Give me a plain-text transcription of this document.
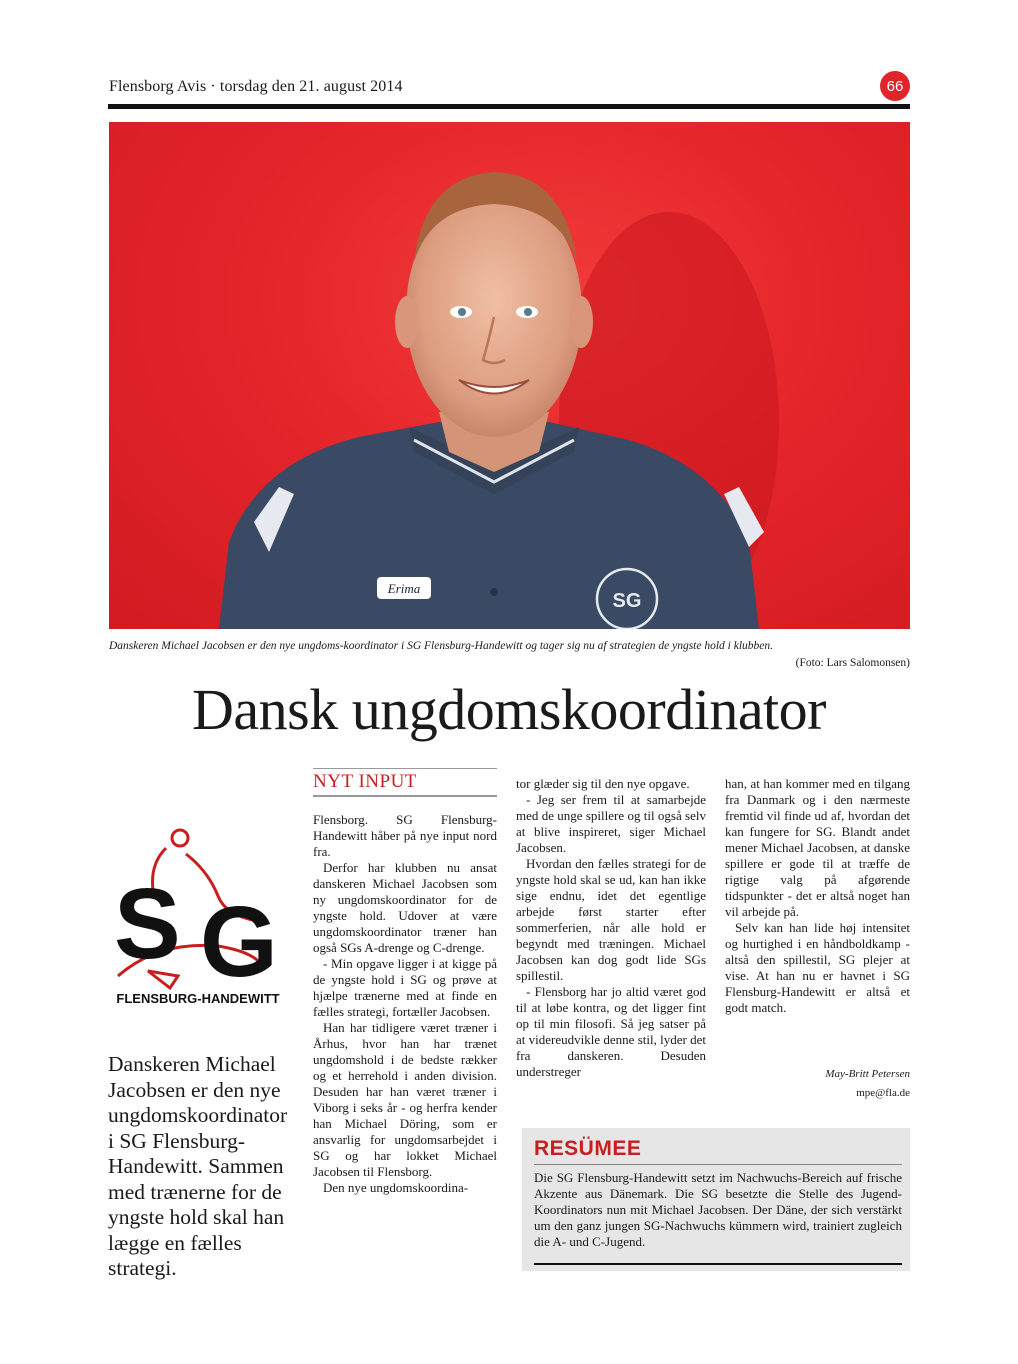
Flensborg Avis · torsdag den 21. august 2014	66
Erima
SG
Danskeren Michael Jacobsen er den nye ungdoms-koordinator i SG Flensburg-Handewitt og tager sig nu af strategien de yngste hold i klubben.
(Foto: Lars Salomonsen)
Dansk ungdomskoordinator
S G
FLENSBURG-HANDEWITT
Danskeren Michael Jacobsen er den nye ungdomskoordinator i SG Flensburg-Handewitt. Sammen med trænerne for de yngste hold skal han lægge en fælles strategi.
NYT INPUT

Flensborg. SG Flensburg-Handewitt håber på nye input nord fra.

Derfor har klubben nu ansat danskeren Michael Jacobsen som ny ungdomskoordinator for de yngste hold. Udover at være ungdomskoordinator træner han også SGs A-drenge og C-drenge.

- Min opgave ligger i at kigge på de yngste hold i SG og prøve at hjælpe trænerne med at finde en fælles strategi, fortæller Jacobsen.

Han har tidligere været træner i Århus, hvor han har trænet ungdomshold i de bedste rækker og et herrehold i anden division. Desuden har han været træner i Viborg i seks år - og herfra kender han Michael Döring, som er ansvarlig for ungdomsarbejdet i SG og har lokket Michael Jacobsen til Flensborg.

Den nye ungdomskoordina-

tor glæder sig til den nye opgave.

- Jeg ser frem til at samarbejde med de unge spillere og til også selv at blive inspireret, siger Michael Jacobsen.

Hvordan den fælles strategi for de yngste hold skal se ud, kan han ikke sige endnu, idet det egentlige arbejde først starter efter sommerferien, når alle hold er begyndt med træningen. Michael Jacobsen kan dog godt lide SGs spillestil.

- Flensborg har jo altid været god til at løbe kontra, og det ligger fint op til min filosofi. Så jeg satser på at videreudvikle denne stil, lyder det fra danskeren. Desuden understreger

han, at han kommer med en tilgang fra Danmark og i den nærmeste fremtid vil finde ud af, hvordan det kan fungere for SG. Blandt andet mener Michael Jacobsen, at danske spillere er gode til at træffe de rigtige valg på afgørende tidspunkter - det er altså noget han vil arbejde på.

Selv kan han lide høj intensitet og hurtighed i en håndboldkamp - altså den spillestil, SG plejer at vise. At han nu er havnet i SG Flensburg-Handewitt er altså et godt match.

May-Britt Petersen
mpe@fla.de
RESÜMEE
Die SG Flensburg-Handewitt setzt im Nachwuchs-Bereich auf frische Akzente aus Dänemark. Die SG besetzte die Stelle des Jugend-Koordinators nun mit Michael Jacobsen. Der Däne, der sich verstärkt um den ganz jungen SG-Nachwuchs kümmern wird, trainiert zugleich die A- und C-Jugend.
